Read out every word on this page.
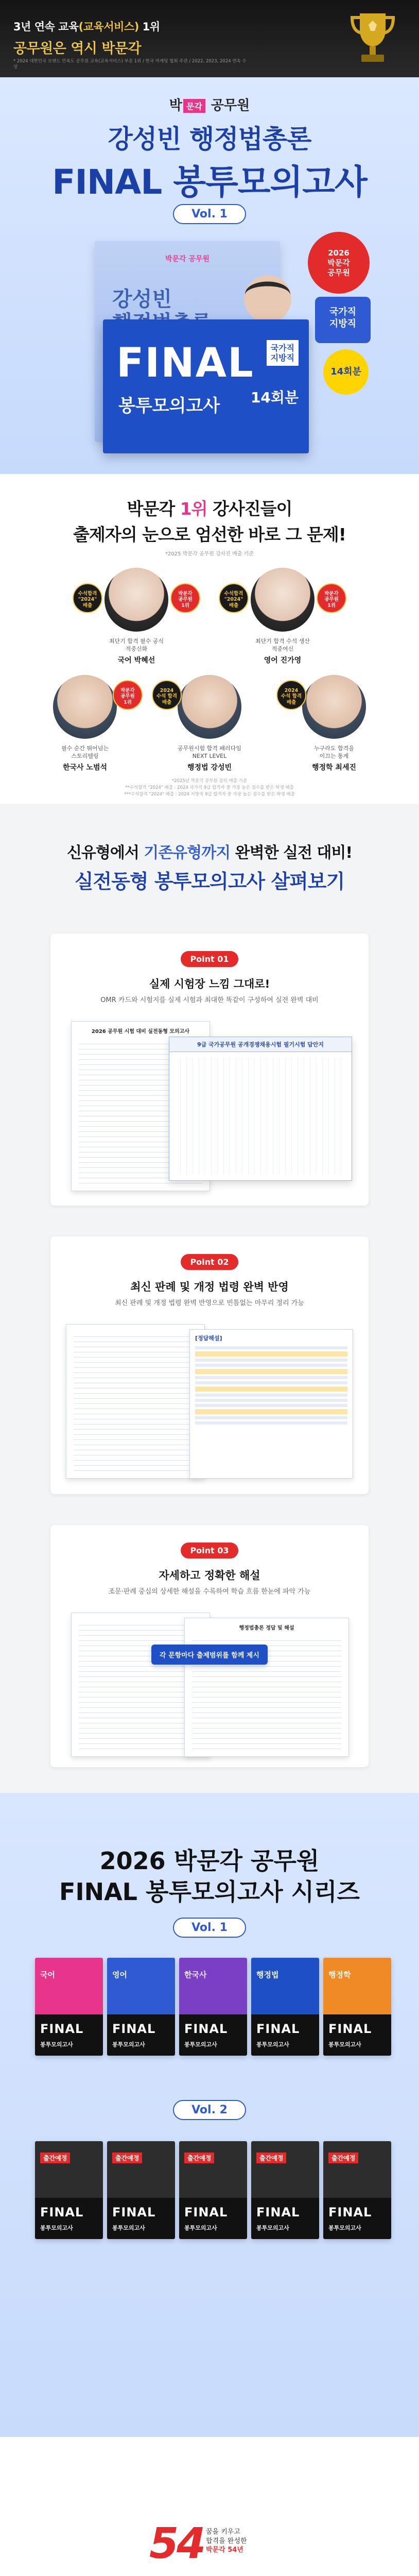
3년 연속 교육(교육서비스) 1위
공무원은 역시 박문각
* 2024 대한민국 브랜드 만족도 공무원 교육(교육서비스) 부문 1위 / 한국 마케팅 협회 주관 / 2022, 2023, 2024 연속 수상
박 문각 공무원
강성빈 행정법총론
FINAL 봉투모의고사
Vol. 1
박문각 공무원
강성빈
FINAL
봉투모의고사
국가직
지방직
14회분
2026
박문각
공무원
국가직
지방직
14회분
박문각 1위 강사진들이
출제자의 눈으로 엄선한 바로 그 문제!
*2025 박문각 공무원 강사진 매출 기준
수석합격
"2024"
배출
박문각
공무원
1위
최단기 합격 필수 공식
적중신화
국어 박혜선
수석합격
"2024"
배출
박문각
공무원
1위
최단기 합격 수석 생산
적중여신
영어 진가영
박문각
공무원
1위
필수 순간 뛰어넘는
스토리텔링
한국사 노범석
2024
수석 합격
배출
공무원시험 합격 패러다임
NEXT LEVEL
행정법 강성빈
2024
수석 합격
배출
누구라도 합격을
이끄는 통계
행정학 최세진
*2025년 박문각 공무원 강의 매출 기준
**수석합격 "2024" 배출 : 2024 국가직 9급 합격자 중 가장 높은 점수를 받은 학생 배출
***수석합격 "2024" 배출 : 2024 지방직 9급 합격자 중 가장 높은 점수를 받은 학생 배출
신유형에서 기존유형까지 완벽한 실전 대비!
실전동형 봉투모의고사 살펴보기
Point 01
실제 시험장 느낌 그대로!
OMR 카드와 시험지를 실제 시험과 최대한 똑같이 구성하여 실전 완벽 대비
2026 공무원 시험 대비 실전동형 모의고사
9급 국가공무원 공개경쟁채용시험 필기시험 답안지
Point 02
최신 판례 및 개정 법령 완벽 반영
최신 판례 및 개정 법령 완벽 반영으로 빈틈없는 마무리 정리 가능
[정답해설]
Point 03
자세하고 정확한 해설
조문·판례 중심의 상세한 해설을 수록하여 학습 흐름 한눈에 파악 가능
행정법총론 정답 및 해설
각 문항마다 출제범위를 함께 제시
2026 박문각 공무원
FINAL 봉투모의고사 시리즈
Vol. 1
국어
FINAL
봉투모의고사
영어
FINAL
봉투모의고사
한국사
FINAL
봉투모의고사
행정법
FINAL
봉투모의고사
행정학
FINAL
봉투모의고사
Vol. 2
출간예정
FINAL
봉투모의고사
출간예정
FINAL
봉투모의고사
출간예정
FINAL
봉투모의고사
출간예정
FINAL
봉투모의고사
출간예정
FINAL
봉투모의고사
54 꿈을 키우고
합격을 완성한
박문각 54년
